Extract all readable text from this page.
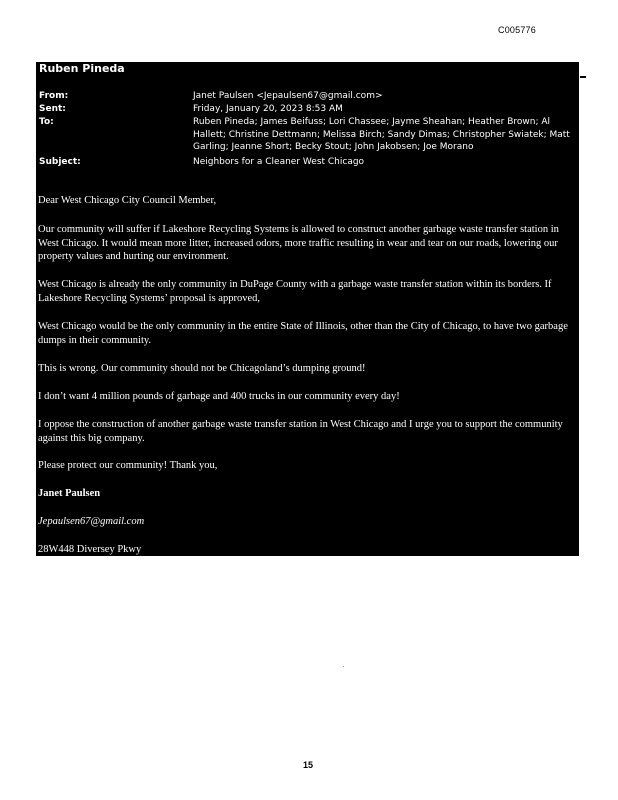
C005776
Ruben Pineda
From:	Janet Paulsen <Jepaulsen67@gmail.com>
Sent:	Friday, January 20, 2023 8:53 AM
To:	Ruben Pineda; James Beifuss; Lori Chassee; Jayme Sheahan; Heather Brown; Al Hallett; Christine Dettmann; Melissa Birch; Sandy Dimas; Christopher Swiatek; Matt Garling; Jeanne Short; Becky Stout; John Jakobsen; Joe Morano
Subject:	Neighbors for a Cleaner West Chicago
Dear West Chicago City Council Member,
Our community will suffer if Lakeshore Recycling Systems is allowed to construct another garbage waste transfer station in West Chicago. It would mean more litter, increased odors, more traffic resulting in wear and tear on our roads, lowering our property values and hurting our environment.
West Chicago is already the only community in DuPage County with a garbage waste transfer station within its borders. If Lakeshore Recycling Systems’ proposal is approved,
West Chicago would be the only community in the entire State of Illinois, other than the City of Chicago, to have two garbage dumps in their community.
This is wrong. Our community should not be Chicagoland’s dumping ground!
I don’t want 4 million pounds of garbage and 400 trucks in our community every day!
I oppose the construction of another garbage waste transfer station in West Chicago and I urge you to support the community against this big company.
Please protect our community! Thank you,
Janet Paulsen
Jepaulsen67@gmail.com
28W448 Diversey Pkwy
15
